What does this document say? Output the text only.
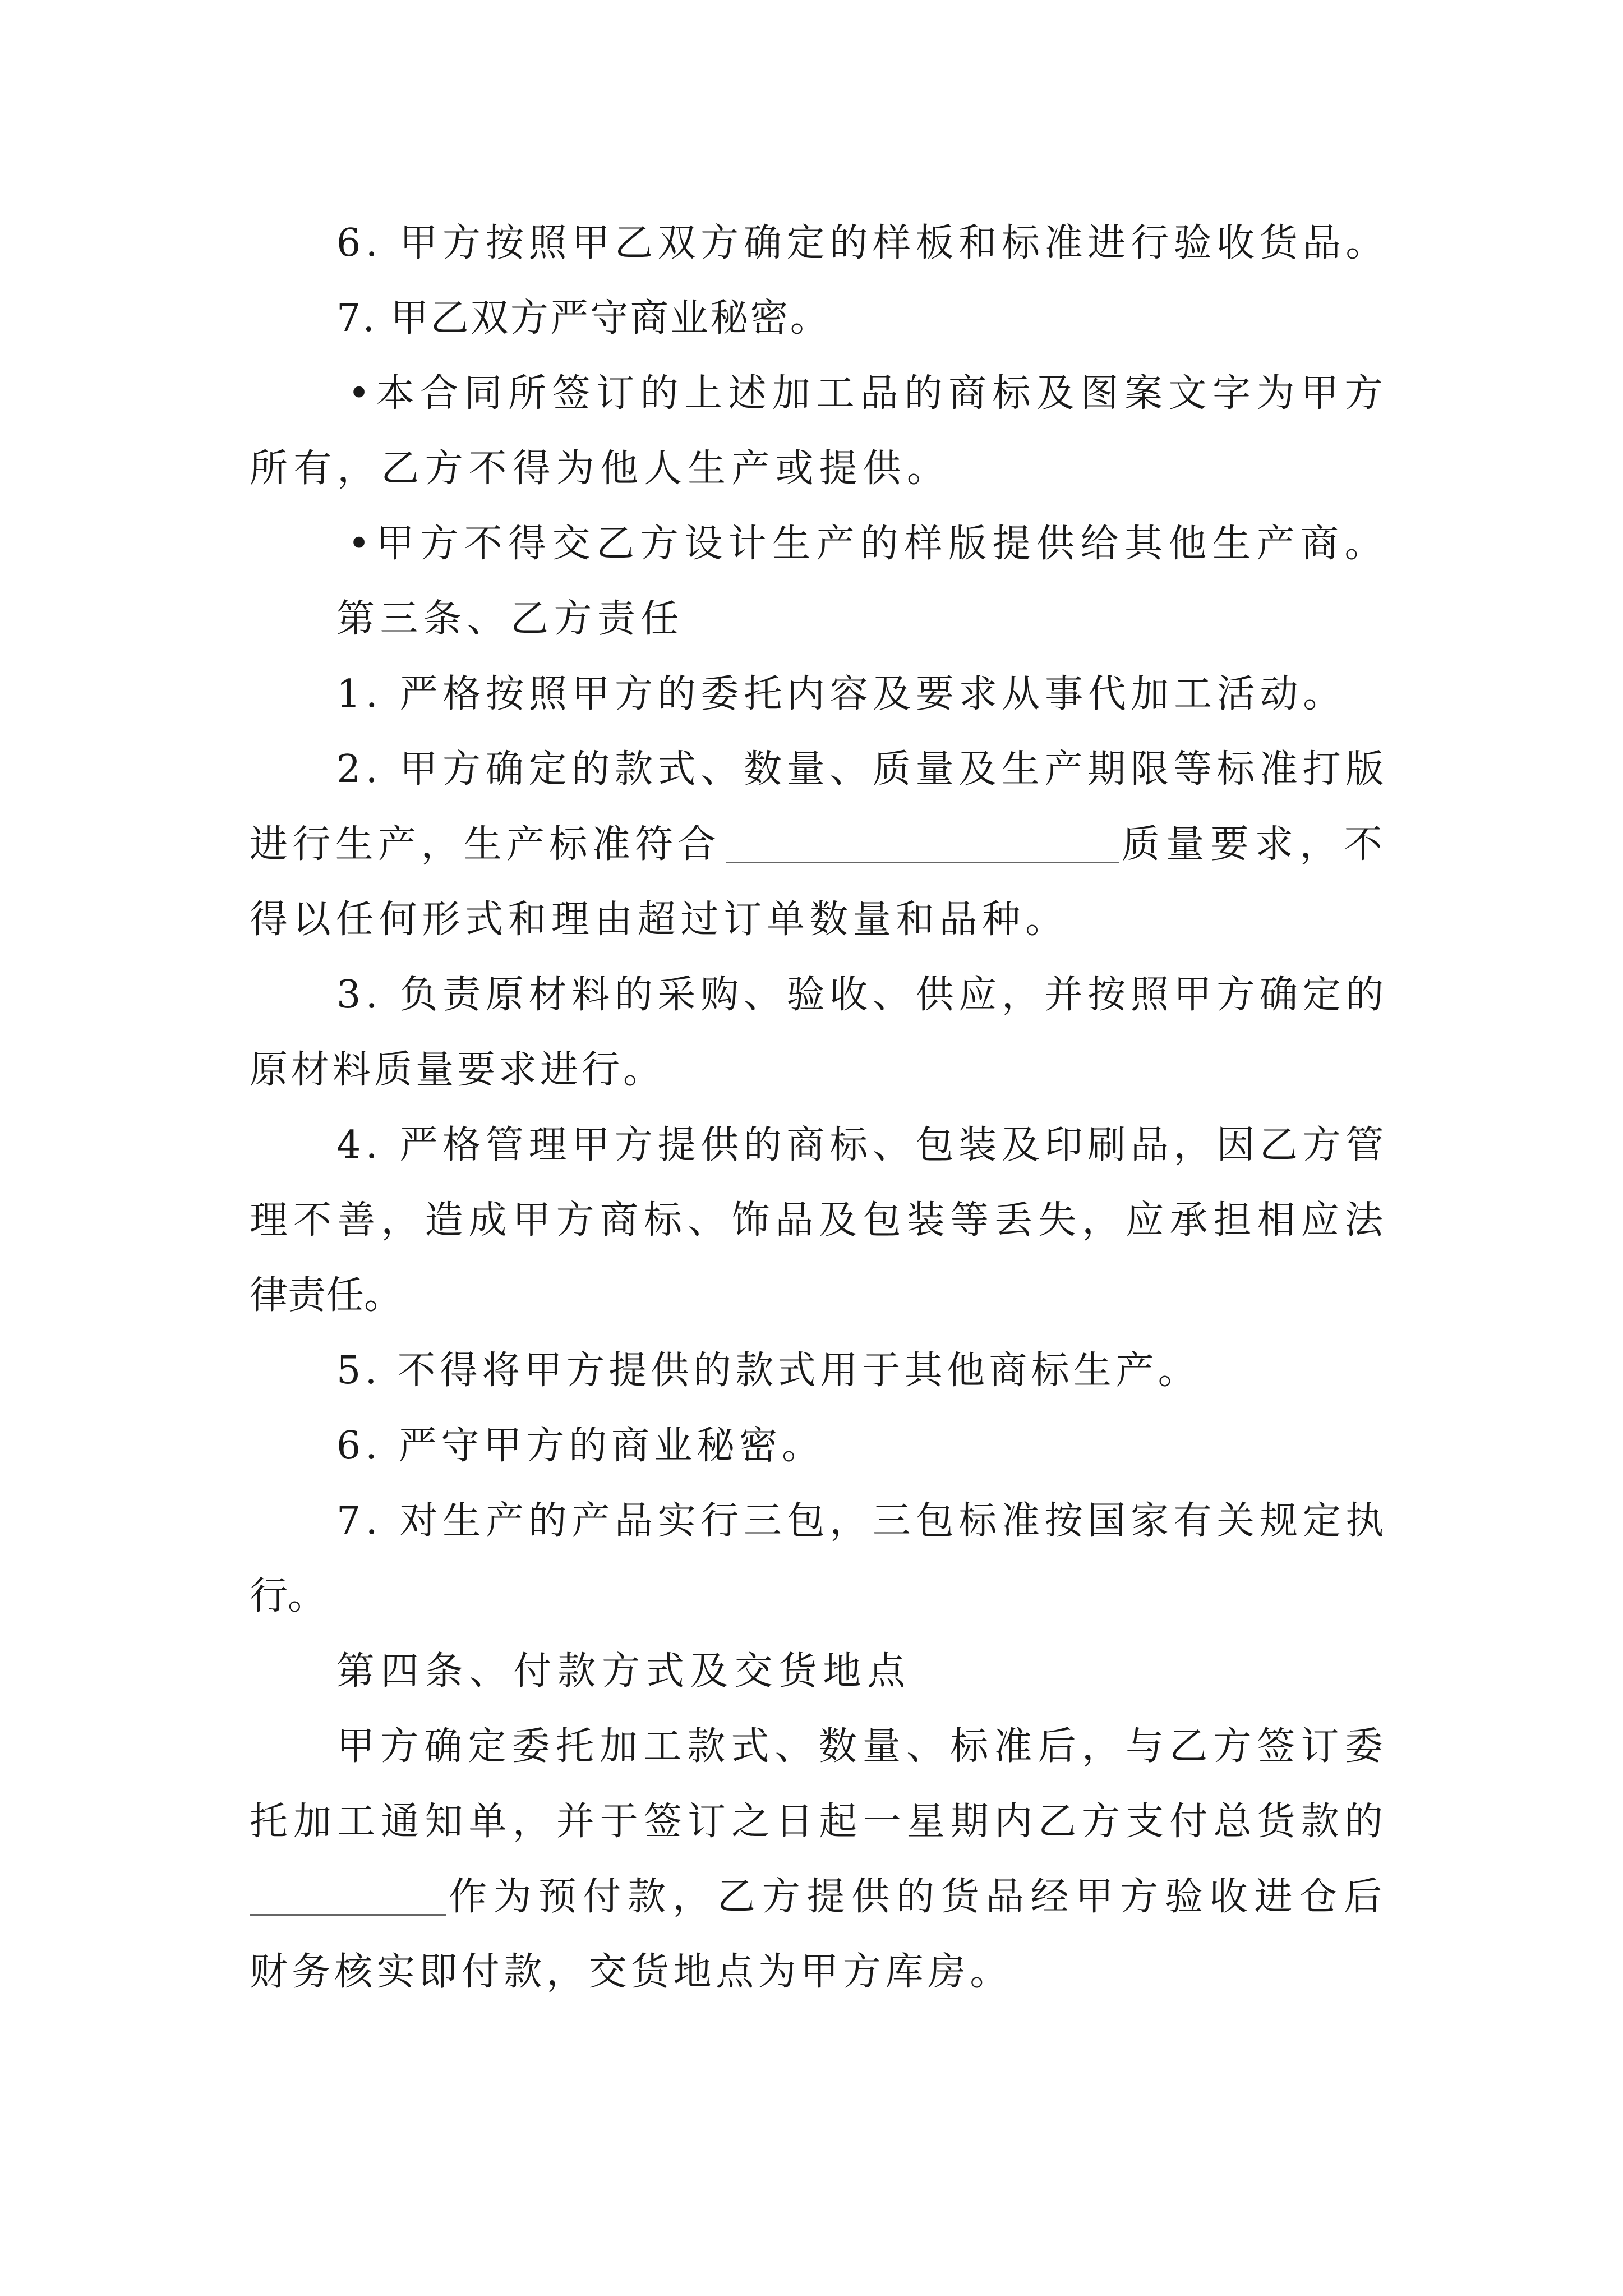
6. 甲方按照甲乙双方确定的样板和标准进行验收货品。
7. 甲乙双方严守商业秘密。
•本合同所签订的上述加工品的商标及图案文字为甲方
所有，乙方不得为他人生产或提供。
•甲方不得交乙方设计生产的样版提供给其他生产商。
第三条、乙方责任
1. 严格按照甲方的委托内容及要求从事代加工活动。
2. 甲方确定的款式、数量、质量及生产期限等标准打版
进行生产，生产标准符合	质量要求，不
得以任何形式和理由超过订单数量和品种。
3. 负责原材料的采购、验收、供应，并按照甲方确定的
原材料质量要求进行。
4. 严格管理甲方提供的商标、包装及印刷品，因乙方管
理不善，造成甲方商标、饰品及包装等丢失，应承担相应法
律责任。
5. 不得将甲方提供的款式用于其他商标生产。
6. 严守甲方的商业秘密。
7. 对生产的产品实行三包，三包标准按国家有关规定执
行。
第四条、付款方式及交货地点
甲方确定委托加工款式、数量、标准后，与乙方签订委
托加工通知单，并于签订之日起一星期内乙方支付总货款的
作为预付款，乙方提供的货品经甲方验收进仓后
财务核实即付款，交货地点为甲方库房。
